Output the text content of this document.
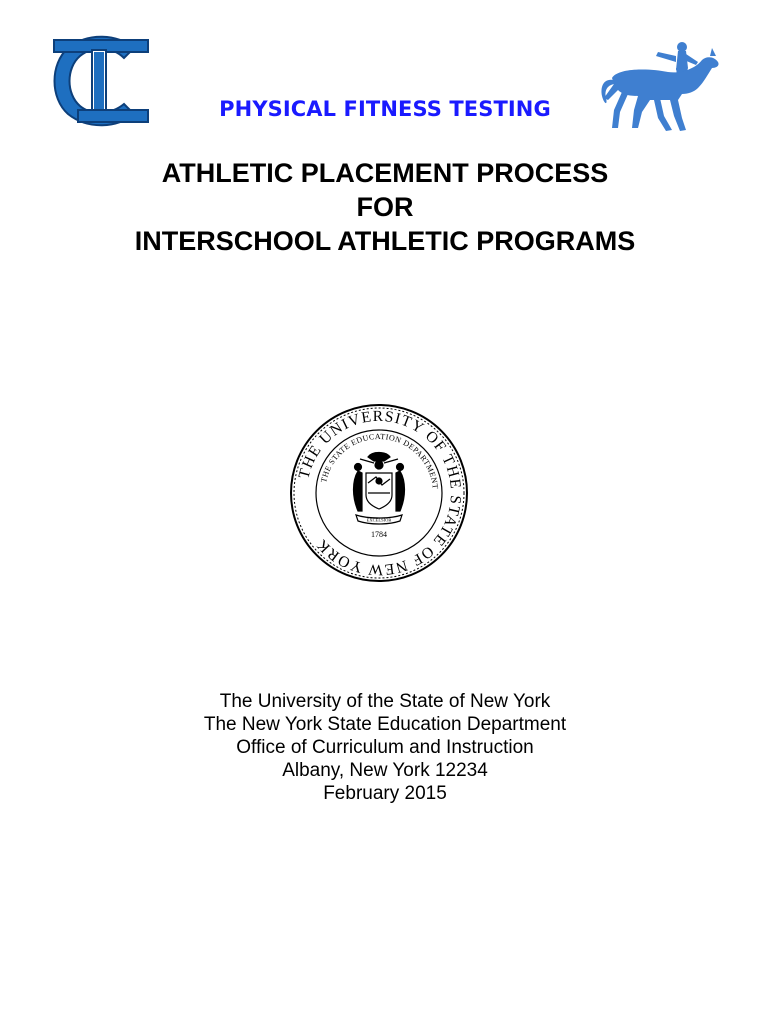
PHYSICAL FITNESS TESTING
ATHLETIC PLACEMENT PROCESS
FOR
INTERSCHOOL ATHLETIC PROGRAMS
THE UNIVERSITY OF THE STATE OF NEW YORK
THE STATE EDUCATION DEPARTMENT
EXCELSIOR
1784
The University of the State of New York
The New York State Education Department
Office of Curriculum and Instruction
Albany, New York 12234
February 2015
